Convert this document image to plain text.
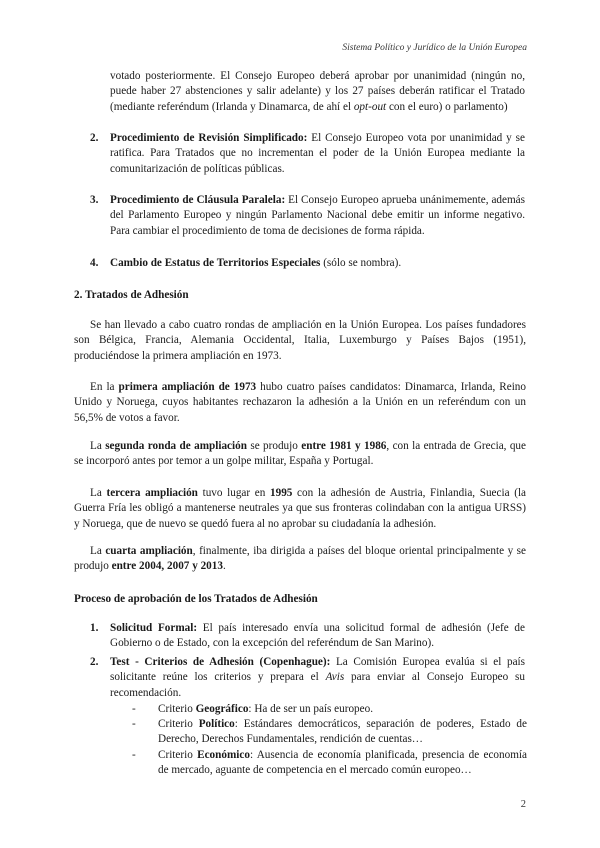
Sistema Político y Jurídico de la Unión Europea

votado posteriormente. El Consejo Europeo deberá aprobar por unanimidad (ningún no, puede haber 27 abstenciones y salir adelante) y los 27 países deberán ratificar el Tratado (mediante referéndum (Irlanda y Dinamarca, de ahí el opt-out con el euro) o parlamento)

2. Procedimiento de Revisión Simplificado: El Consejo Europeo vota por unanimidad y se ratifica. Para Tratados que no incrementan el poder de la Unión Europea mediante la comunitarización de políticas públicas.
3. Procedimiento de Cláusula Paralela: El Consejo Europeo aprueba unánimemente, además del Parlamento Europeo y ningún Parlamento Nacional debe emitir un informe negativo. Para cambiar el procedimiento de toma de decisiones de forma rápida.
4. Cambio de Estatus de Territorios Especiales (sólo se nombra).
2. Tratados de Adhesión

Se han llevado a cabo cuatro rondas de ampliación en la Unión Europea. Los países fundadores son Bélgica, Francia, Alemania Occidental, Italia, Luxemburgo y Países Bajos (1951), produciéndose la primera ampliación en 1973.

En la primera ampliación de 1973 hubo cuatro países candidatos: Dinamarca, Irlanda, Reino Unido y Noruega, cuyos habitantes rechazaron la adhesión a la Unión en un referéndum con un 56,5% de votos a favor.

La segunda ronda de ampliación se produjo entre 1981 y 1986, con la entrada de Grecia, que se incorporó antes por temor a un golpe militar, España y Portugal.

La tercera ampliación tuvo lugar en 1995 con la adhesión de Austria, Finlandia, Suecia (la Guerra Fría les obligó a mantenerse neutrales ya que sus fronteras colindaban con la antigua URSS) y Noruega, que de nuevo se quedó fuera al no aprobar su ciudadanía la adhesión.

La cuarta ampliación, finalmente, iba dirigida a países del bloque oriental principalmente y se produjo entre 2004, 2007 y 2013.

Proceso de aprobación de los Tratados de Adhesión
1. Solicitud Formal: El país interesado envía una solicitud formal de adhesión (Jefe de Gobierno o de Estado, con la excepción del referéndum de San Marino).
2. Test - Criterios de Adhesión (Copenhague): La Comisión Europea evalúa si el país solicitante reúne los criterios y prepara el Avis para enviar al Consejo Europeo su recomendación.
- Criterio Geográfico: Ha de ser un país europeo.
- Criterio Político: Estándares democráticos, separación de poderes, Estado de Derecho, Derechos Fundamentales, rendición de cuentas…
- Criterio Económico: Ausencia de economía planificada, presencia de economía de mercado, aguante de competencia en el mercado común europeo…
2
